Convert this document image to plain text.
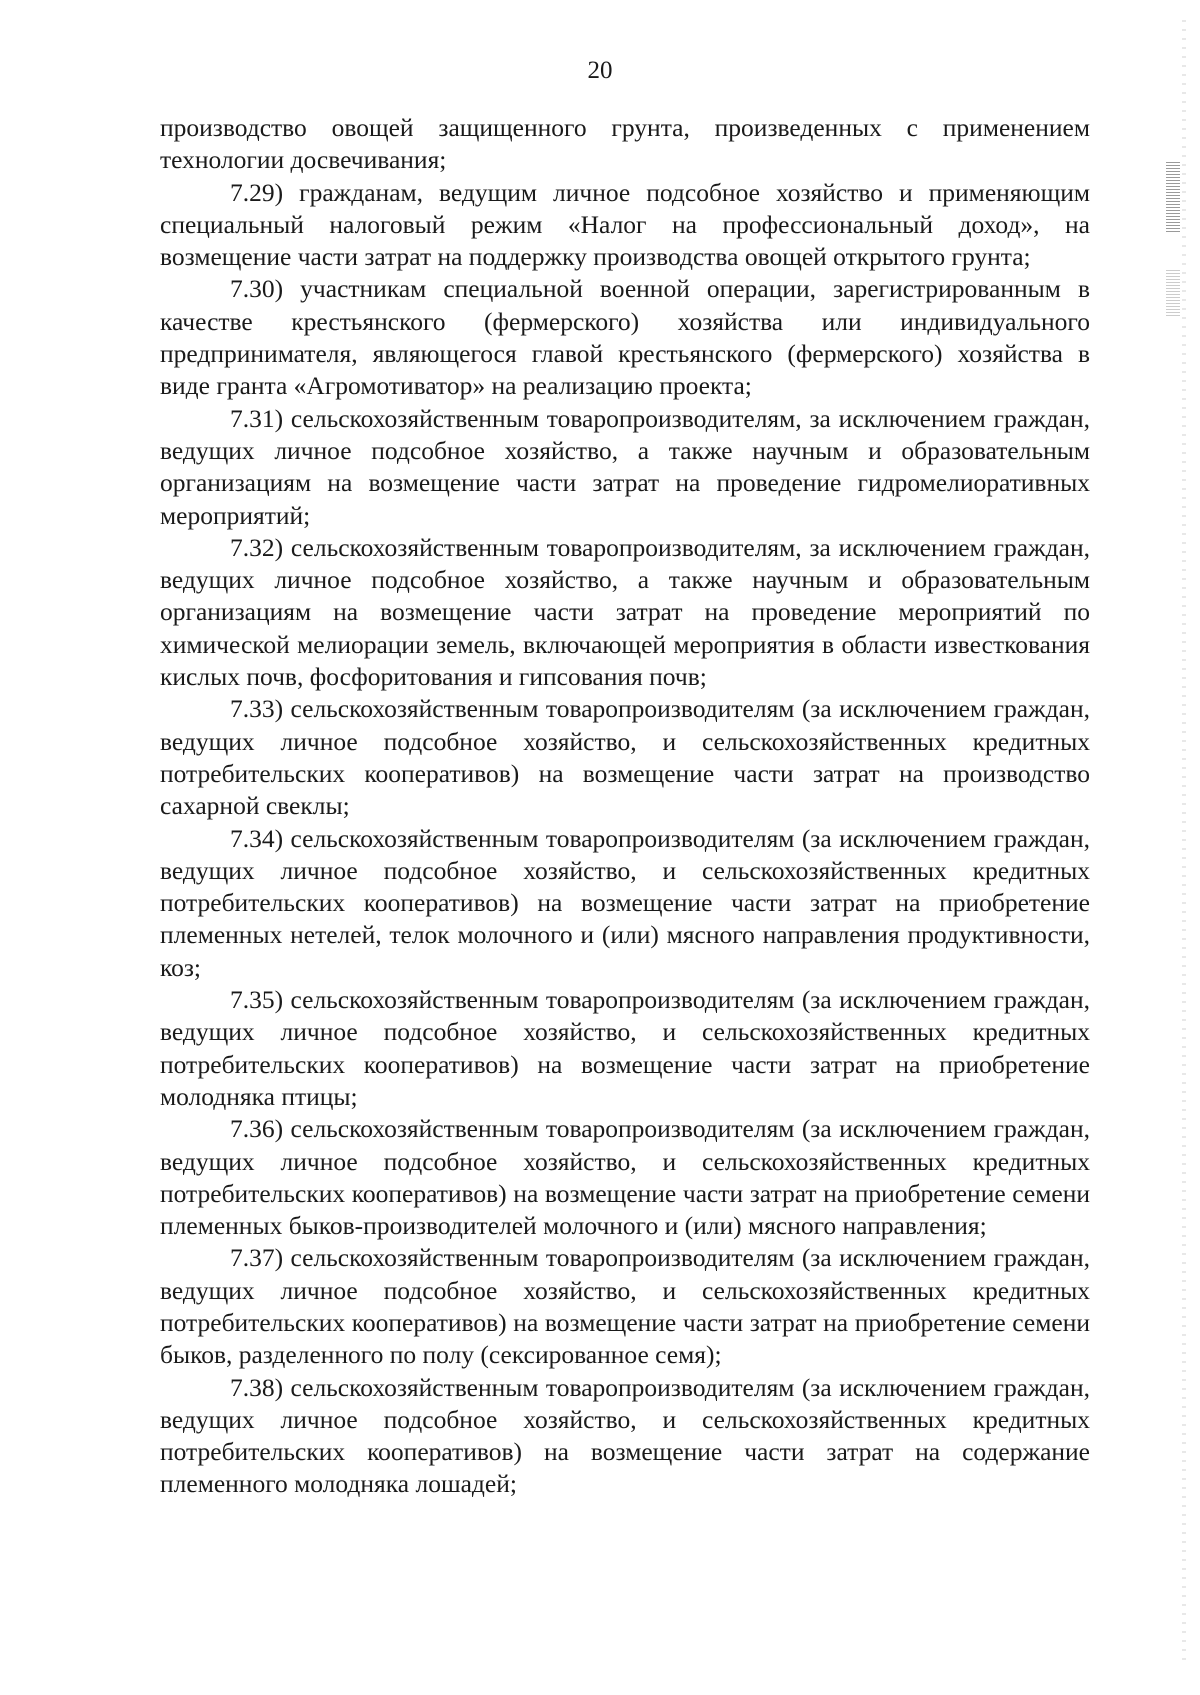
20

производство овощей защищенного грунта, произведенных с применением технологии досвечивания;

7.29) гражданам, ведущим личное подсобное хозяйство и применяющим специальный налоговый режим «Налог на профессиональный доход», на возмещение части затрат на поддержку производства овощей открытого грунта;

7.30) участникам специальной военной операции, зарегистрированным в качестве крестьянского (фермерского) хозяйства или индивидуального предпринимателя, являющегося главой крестьянского (фермерского) хозяйства в виде гранта «Агромотиватор» на реализацию проекта;

7.31) сельскохозяйственным товаропроизводителям, за исключением граждан, ведущих личное подсобное хозяйство, а также научным и образовательным организациям на возмещение части затрат на проведение гидромелиоративных мероприятий;

7.32) сельскохозяйственным товаропроизводителям, за исключением граждан, ведущих личное подсобное хозяйство, а также научным и образовательным организациям на возмещение части затрат на проведение мероприятий по химической мелиорации земель, включающей мероприятия в области известкования кислых почв, фосфоритования и гипсования почв;

7.33) сельскохозяйственным товаропроизводителям (за исключением граждан, ведущих личное подсобное хозяйство, и сельскохозяйственных кредитных потребительских кооперативов) на возмещение части затрат на производство сахарной свеклы;

7.34) сельскохозяйственным товаропроизводителям (за исключением граждан, ведущих личное подсобное хозяйство, и сельскохозяйственных кредитных потребительских кооперативов) на возмещение части затрат на приобретение племенных нетелей, телок молочного и (или) мясного направления продуктивности, коз;

7.35) сельскохозяйственным товаропроизводителям (за исключением граждан, ведущих личное подсобное хозяйство, и сельскохозяйственных кредитных потребительских кооперативов) на возмещение части затрат на приобретение молодняка птицы;

7.36) сельскохозяйственным товаропроизводителям (за исключением граждан, ведущих личное подсобное хозяйство, и сельскохозяйственных кредитных потребительских кооперативов) на возмещение части затрат на приобретение семени племенных быков-производителей молочного и (или) мясного направления;

7.37) сельскохозяйственным товаропроизводителям (за исключением граждан, ведущих личное подсобное хозяйство, и сельскохозяйственных кредитных потребительских кооперативов) на возмещение части затрат на приобретение семени быков, разделенного по полу (сексированное семя);

7.38) сельскохозяйственным товаропроизводителям (за исключением граждан, ведущих личное подсобное хозяйство, и сельскохозяйственных кредитных потребительских кооперативов) на возмещение части затрат на содержание племенного молодняка лошадей;
